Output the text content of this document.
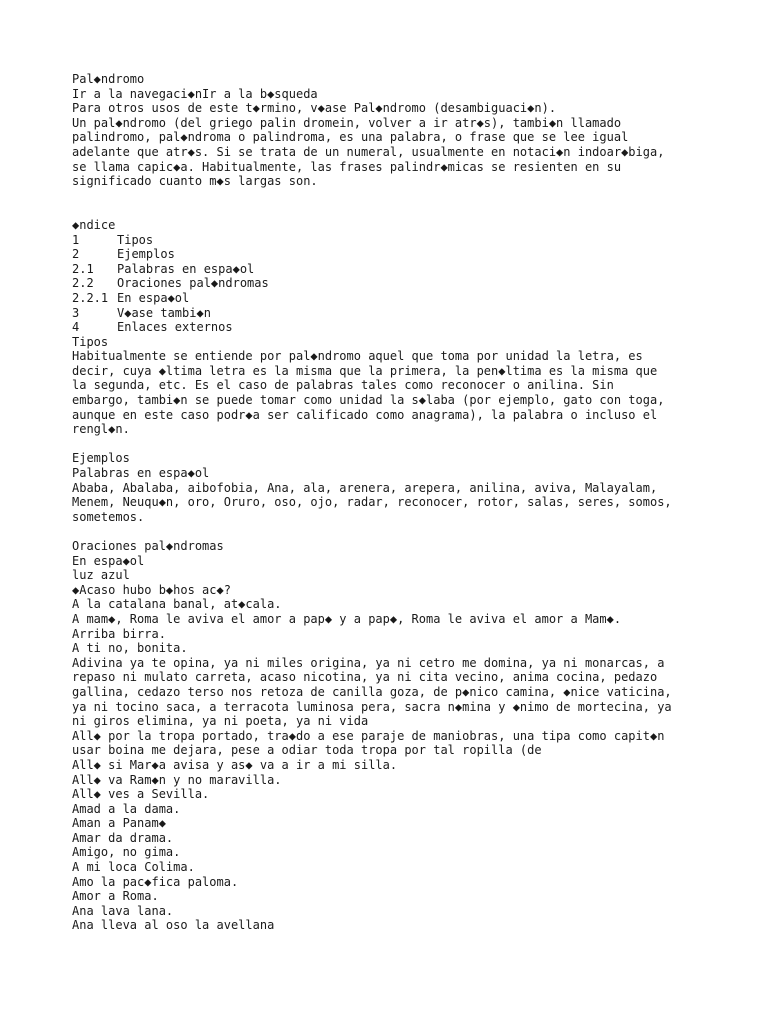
Pal◆ndromo
Ir a la navegaci◆nIr a la b◆squeda
Para otros usos de este t◆rmino, v◆ase Pal◆ndromo (desambiguaci◆n).
Un pal◆ndromo (del griego palin dromein, volver a ir atr◆s), tambi◆n llamado
palindromo, pal◆ndroma o palindroma, es una palabra, o frase que se lee igual
adelante que atr◆s. Si se trata de un numeral, usualmente en notaci◆n indoar◆biga,
se llama capic◆a. Habitualmente, las frases palindr◆micas se resienten en su
significado cuanto m◆s largas son.
◆ndice
1	Tipos
2	Ejemplos
2.1	Palabras en espa◆ol
2.2	Oraciones pal◆ndromas
2.2.1 En espa◆ol
3	V◆ase tambi◆n
4	Enlaces externos
Tipos
Habitualmente se entiende por pal◆ndromo aquel que toma por unidad la letra, es
decir, cuya ◆ltima letra es la misma que la primera, la pen◆ltima es la misma que
la segunda, etc. Es el caso de palabras tales como reconocer o anilina. Sin
embargo, tambi◆n se puede tomar como unidad la s◆laba (por ejemplo, gato con toga,
aunque en este caso podr◆a ser calificado como anagrama), la palabra o incluso el
rengl◆n.
Ejemplos
Palabras en espa◆ol
Ababa, Abalaba, aibofobia, Ana, ala, arenera, arepera, anilina, aviva, Malayalam,
Menem, Neuqu◆n, oro, Oruro, oso, ojo, radar, reconocer, rotor, salas, seres, somos,
sometemos.
Oraciones pal◆ndromas
En espa◆ol
luz azul
◆Acaso hubo b◆hos ac◆?
A la catalana banal, at◆cala.
A mam◆, Roma le aviva el amor a pap◆ y a pap◆, Roma le aviva el amor a Mam◆.
Arriba birra.
A ti no, bonita.
Adivina ya te opina, ya ni miles origina, ya ni cetro me domina, ya ni monarcas, a
repaso ni mulato carreta, acaso nicotina, ya ni cita vecino, anima cocina, pedazo
gallina, cedazo terso nos retoza de canilla goza, de p◆nico camina, ◆nice vaticina,
ya ni tocino saca, a terracota luminosa pera, sacra n◆mina y ◆nimo de mortecina, ya
ni giros elimina, ya ni poeta, ya ni vida
All◆ por la tropa portado, tra◆do a ese paraje de maniobras, una tipa como capit◆n
usar boina me dejara, pese a odiar toda tropa por tal ropilla (de
All◆ si Mar◆a avisa y as◆ va a ir a mi silla.
All◆ va Ram◆n y no maravilla.
All◆ ves a Sevilla.
Amad a la dama.
Aman a Panam◆
Amar da drama.
Amigo, no gima.
A mi loca Colima.
Amo la pac◆fica paloma.
Amor a Roma.
Ana lava lana.
Ana lleva al oso la avellana
